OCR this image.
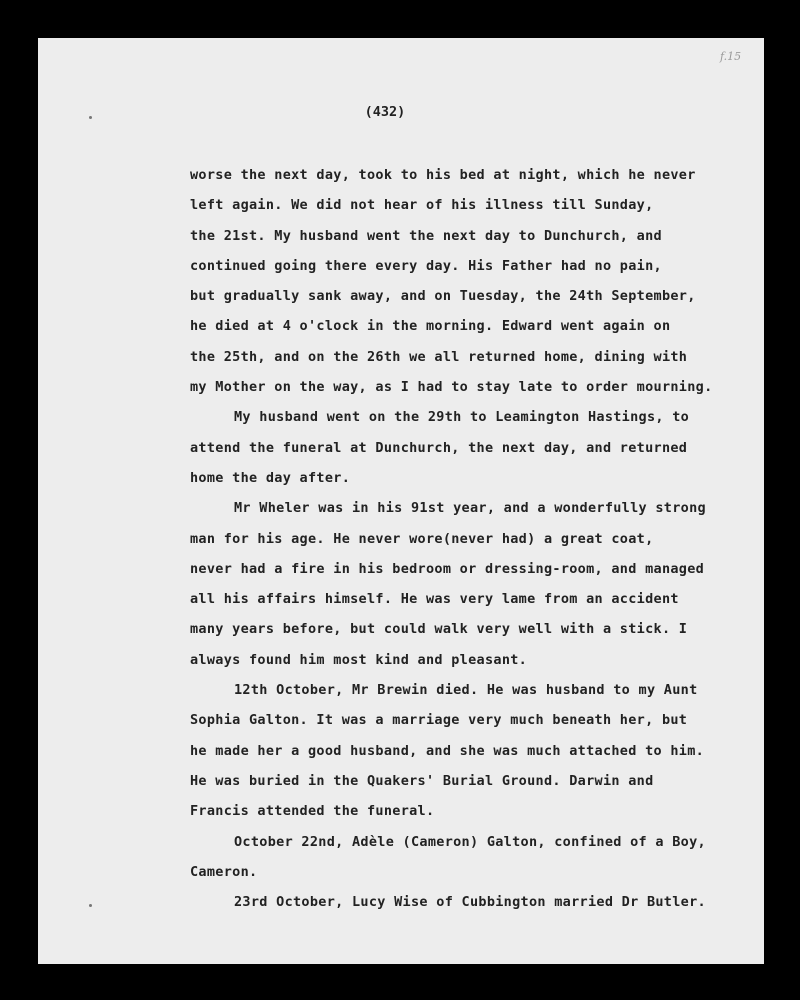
f.15
(432)
worse the next day, took to his bed at night, which he never
left again. We did not hear of his illness till Sunday,
the 21st. My husband went the next day to Dunchurch, and
continued going there every day. His Father had no pain,
but gradually sank away, and on Tuesday, the 24th September,
he died at 4 o'clock in the morning. Edward went again on
the 25th, and on the 26th we all returned home, dining with
my Mother on the way, as I had to stay late to order mourning.
My husband went on the 29th to Leamington Hastings, to
attend the funeral at Dunchurch, the next day, and returned
home the day after.
Mr Wheler was in his 91st year, and a wonderfully strong
man for his age. He never wore(never had) a great coat,
never had a fire in his bedroom or dressing-room, and managed
all his affairs himself. He was very lame from an accident
many years before, but could walk very well with a stick. I
always found him most kind and pleasant.
12th October, Mr Brewin died. He was husband to my Aunt
Sophia Galton. It was a marriage very much beneath her, but
he made her a good husband, and she was much attached to him.
He was buried in the Quakers' Burial Ground. Darwin and
Francis attended the funeral.
October 22nd, Adèle (Cameron) Galton, confined of a Boy,
Cameron.
23rd October, Lucy Wise of Cubbington married Dr Butler.
